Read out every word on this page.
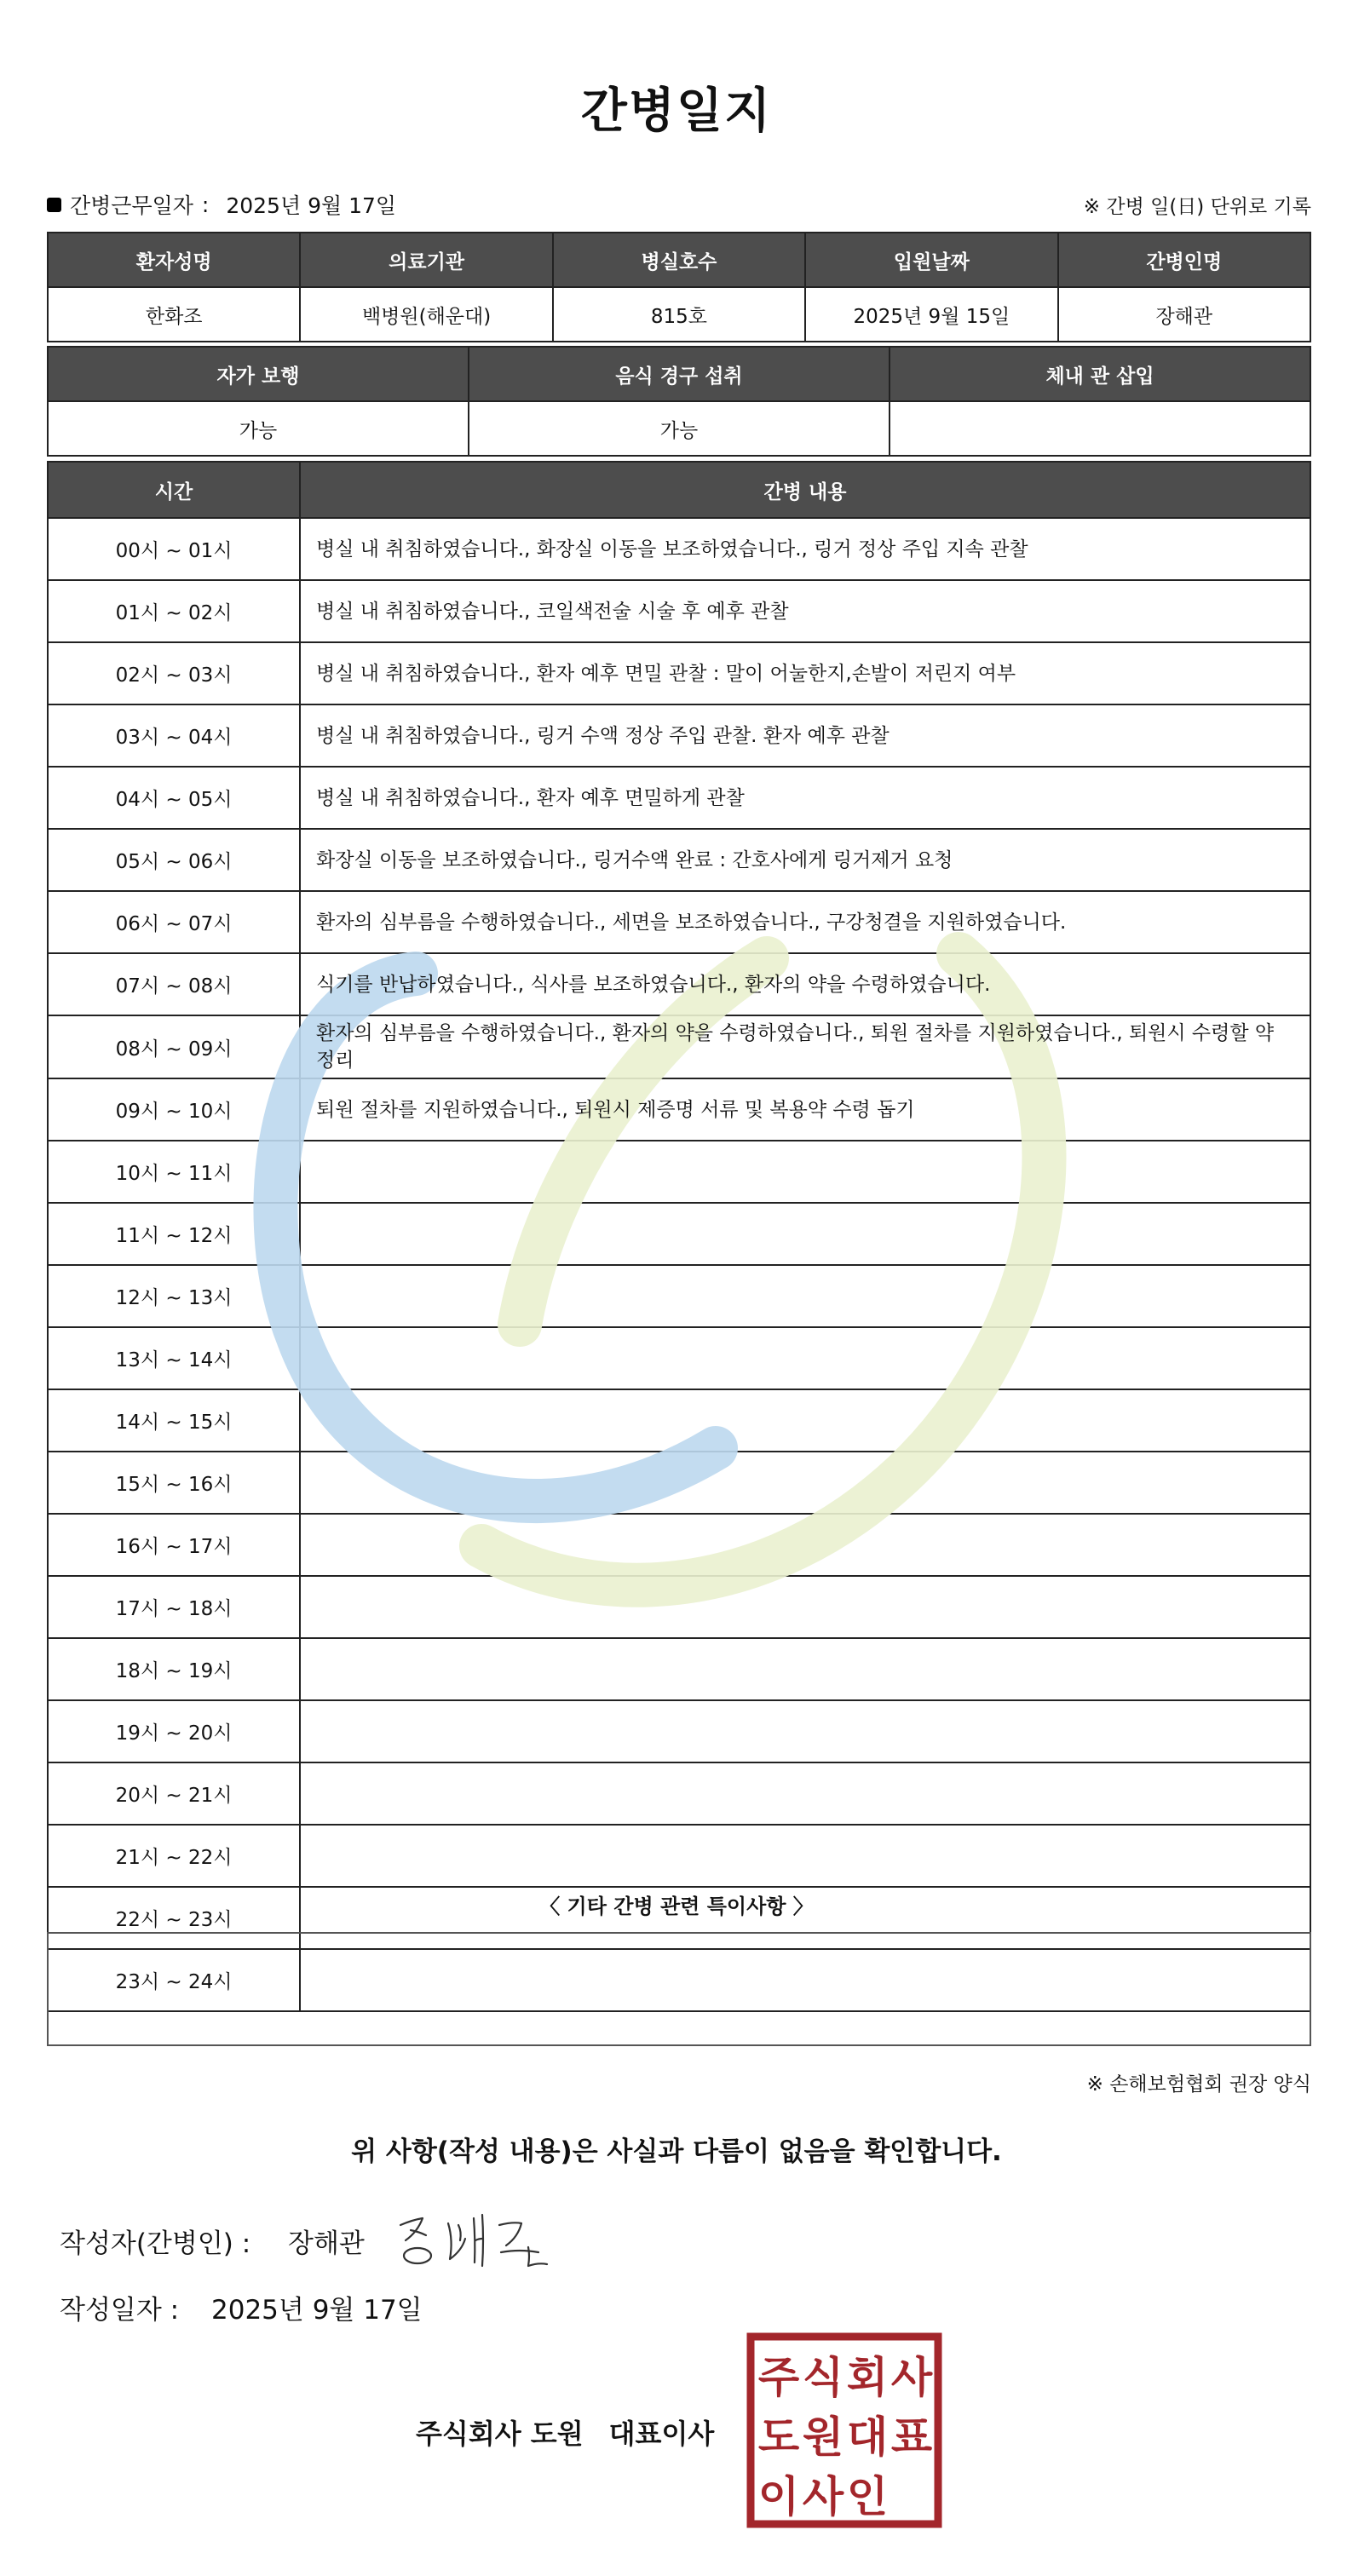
간병일지
간병근무일자 : 2025년 9월 17일	※ 간병 일(日) 단위로 기록
환자성명	의료기관	병실호수	입원날짜	간병인명
한화조	백병원(해운대)	815호	2025년 9월 15일	장해관
자가 보행	음식 경구 섭취	체내 관 삽입
가능	가능	
시간	간병 내용
00시 ~ 01시	병실 내 취침하였습니다., 화장실 이동을 보조하였습니다., 링거 정상 주입 지속 관찰
01시 ~ 02시	병실 내 취침하였습니다., 코일색전술 시술 후 예후 관찰
02시 ~ 03시	병실 내 취침하였습니다., 환자 예후 면밀 관찰 : 말이 어눌한지,손발이 저린지 여부
03시 ~ 04시	병실 내 취침하였습니다., 링거 수액 정상 주입 관찰. 환자 예후 관찰
04시 ~ 05시	병실 내 취침하였습니다., 환자 예후 면밀하게 관찰
05시 ~ 06시	화장실 이동을 보조하였습니다., 링거수액 완료 : 간호사에게 링거제거 요청
06시 ~ 07시	환자의 심부름을 수행하였습니다., 세면을 보조하였습니다., 구강청결을 지원하였습니다.
07시 ~ 08시	식기를 반납하였습니다., 식사를 보조하였습니다., 환자의 약을 수령하였습니다.
08시 ~ 09시	환자의 심부름을 수행하였습니다., 환자의 약을 수령하였습니다., 퇴원 절차를 지원하였습니다., 퇴원시 수령할 약 정리
09시 ~ 10시	퇴원 절차를 지원하였습니다., 퇴원시 제증명 서류 및 복용약 수령 돕기
10시 ~ 11시	
11시 ~ 12시	
12시 ~ 13시	
13시 ~ 14시	
14시 ~ 15시	
15시 ~ 16시	
16시 ~ 17시	
17시 ~ 18시	
18시 ~ 19시	
19시 ~ 20시	
20시 ~ 21시	
21시 ~ 22시	
22시 ~ 23시	
23시 ~ 24시	
〈 기타 간병 관련 특이사항 〉
※ 손해보험협회 권장 양식
위 사항(작성 내용)은 사실과 다름이 없음을 확인합니다.
작성자(간병인) : 장해관
작성일자 : 2025년 9월 17일
주식회사 도원 대표이사
주 식 회 사
도 원 대 표
이 사 인
